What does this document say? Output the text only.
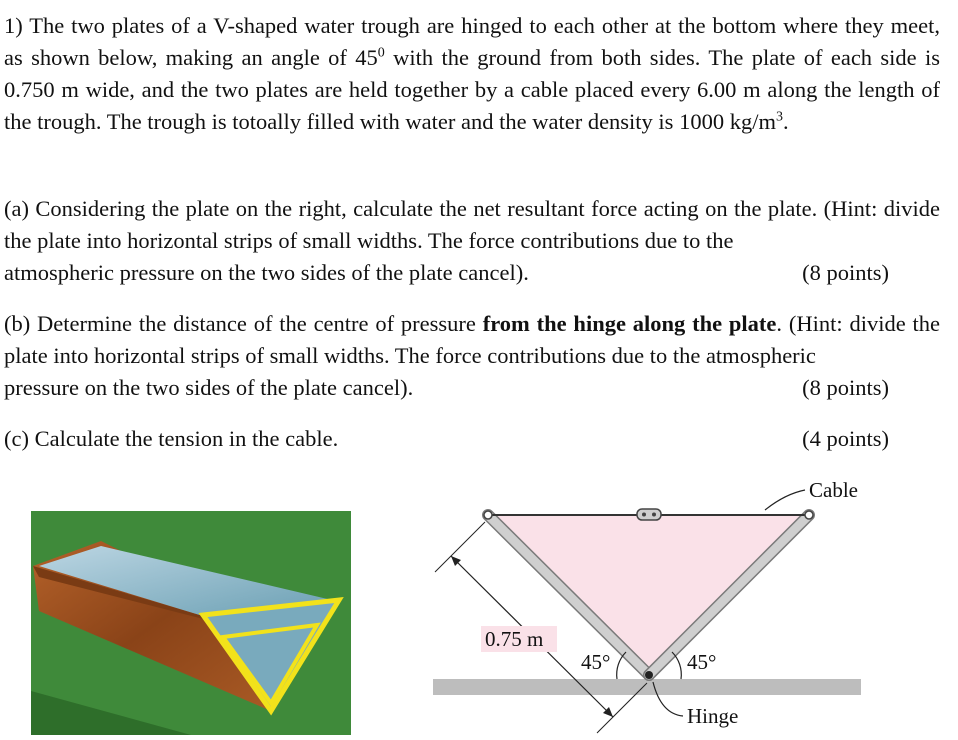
1) The two plates of a V-shaped water trough are hinged to each other at the bottom where they meet, as shown below, making an angle of $45^0$ with the ground from both sides. The plate of each side is 0.750 m wide, and the two plates are held together by a cable placed every 6.00 m along the length of the trough. The trough is totoally filled with water and the water density is 1000 $kg/m^3$.
(a) Considering the plate on the right, calculate the net resultant force acting on the plate. (Hint: divide the plate into horizontal strips of small widths. The force contributions due to the
atmospheric pressure on the two sides of the plate cancel).	(8 points)
(b) Determine the distance of the centre of pressure from the hinge along the plate. (Hint: divide the plate into horizontal strips of small widths. The force contributions due to the atmospheric
pressure on the two sides of the plate cancel).	(8 points)
(c) Calculate the tension in the cable.	(4 points)
0.75 m
45°	45°
Cable
Hinge
